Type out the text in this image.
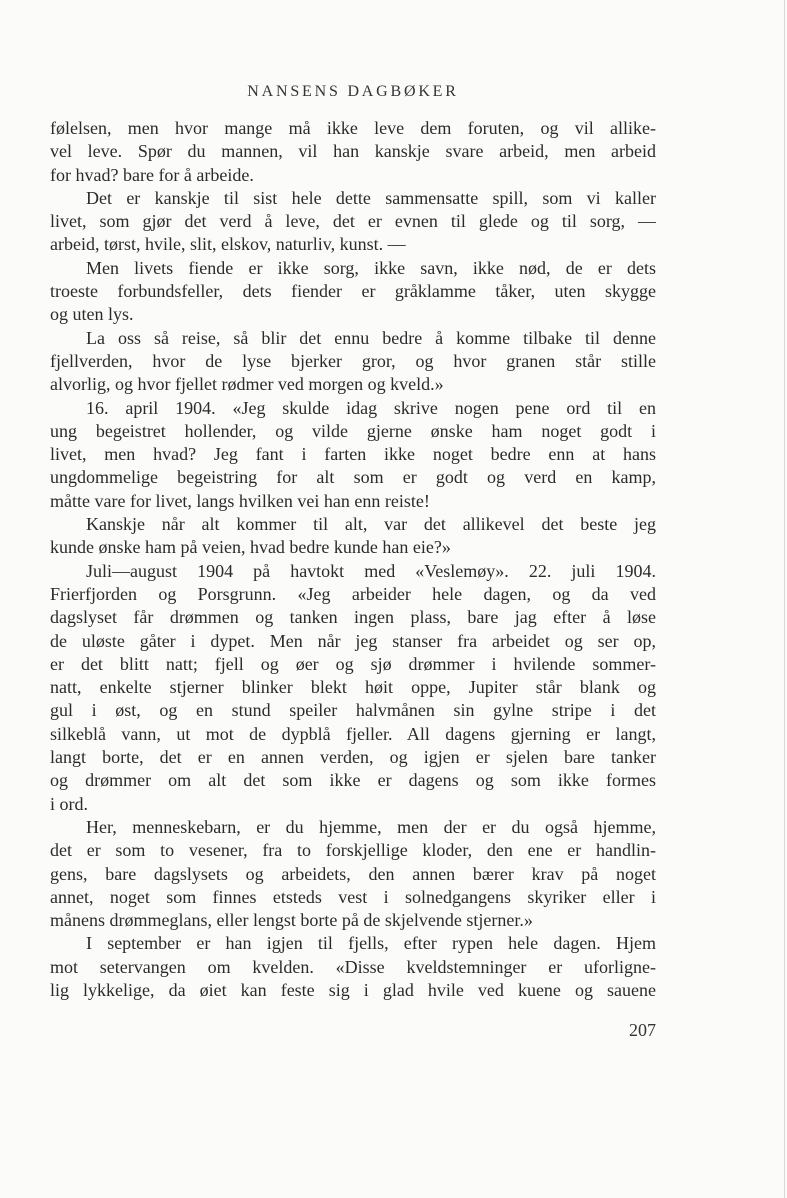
NANSENS DAGBØKER
følelsen, men hvor mange må ikke leve dem foruten, og vil allike-
vel leve. Spør du mannen, vil han kanskje svare arbeid, men arbeid
for hvad? bare for å arbeide.
Det er kanskje til sist hele dette sammensatte spill, som vi kaller
livet, som gjør det verd å leve, det er evnen til glede og til sorg, —
arbeid, tørst, hvile, slit, elskov, naturliv, kunst. —
Men livets fiende er ikke sorg, ikke savn, ikke nød, de er dets
troeste forbundsfeller, dets fiender er gråklamme tåker, uten skygge
og uten lys.
La oss så reise, så blir det ennu bedre å komme tilbake til denne
fjellverden, hvor de lyse bjerker gror, og hvor granen står stille
alvorlig, og hvor fjellet rødmer ved morgen og kveld.»
16. april 1904. «Jeg skulde idag skrive nogen pene ord til en
ung begeistret hollender, og vilde gjerne ønske ham noget godt i
livet, men hvad? Jeg fant i farten ikke noget bedre enn at hans
ungdommelige begeistring for alt som er godt og verd en kamp,
måtte vare for livet, langs hvilken vei han enn reiste!
Kanskje når alt kommer til alt, var det allikevel det beste jeg
kunde ønske ham på veien, hvad bedre kunde han eie?»
Juli—august 1904 på havtokt med «Veslemøy». 22. juli 1904.
Frierfjorden og Porsgrunn. «Jeg arbeider hele dagen, og da ved
dagslyset får drømmen og tanken ingen plass, bare jag efter å løse
de uløste gåter i dypet. Men når jeg stanser fra arbeidet og ser op,
er det blitt natt; fjell og øer og sjø drømmer i hvilende sommer-
natt, enkelte stjerner blinker blekt høit oppe, Jupiter står blank og
gul i øst, og en stund speiler halvmånen sin gylne stripe i det
silkeblå vann, ut mot de dypblå fjeller. All dagens gjerning er langt,
langt borte, det er en annen verden, og igjen er sjelen bare tanker
og drømmer om alt det som ikke er dagens og som ikke formes
i ord.
Her, menneskebarn, er du hjemme, men der er du også hjemme,
det er som to vesener, fra to forskjellige kloder, den ene er handlin-
gens, bare dagslysets og arbeidets, den annen bærer krav på noget
annet, noget som finnes etsteds vest i solnedgangens skyriker eller i
månens drømmeglans, eller lengst borte på de skjelvende stjerner.»
I september er han igjen til fjells, efter rypen hele dagen. Hjem
mot setervangen om kvelden. «Disse kveldstemninger er uforligne-
lig lykkelige, da øiet kan feste sig i glad hvile ved kuene og sauene
207
